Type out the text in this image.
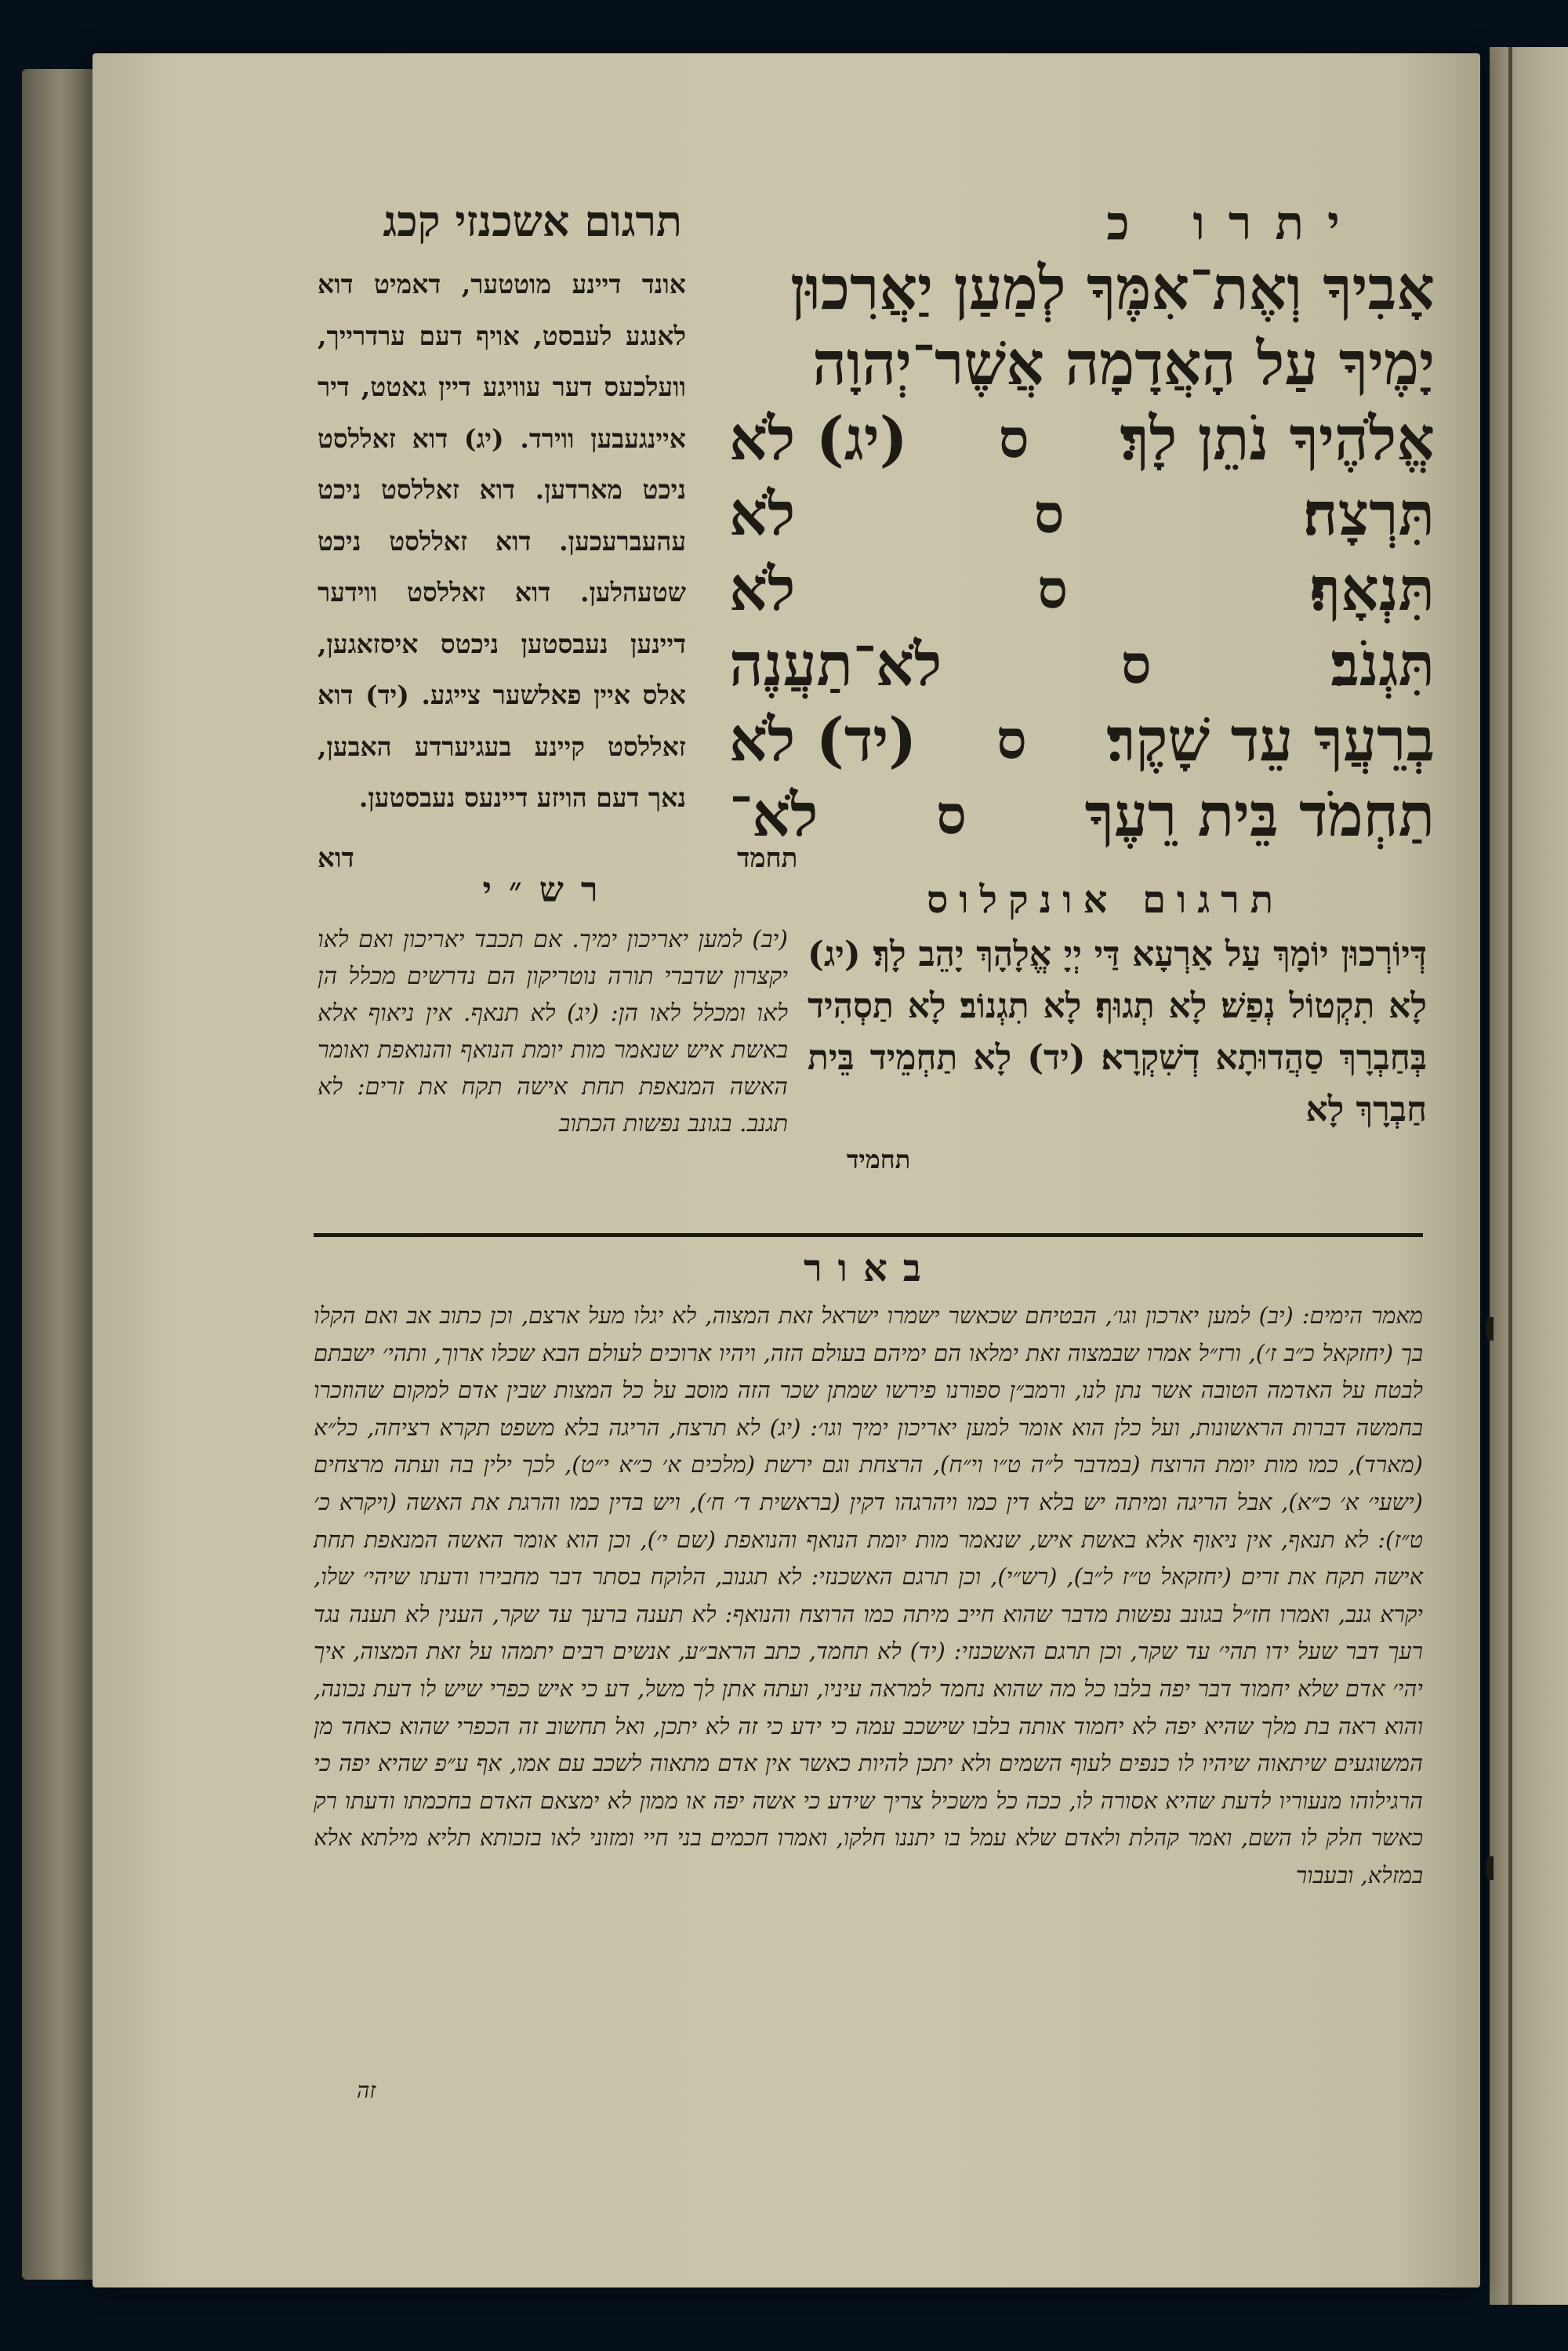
יתרו כ
תרגום אשכנזי קכג
אָבִיךָ וְאֶת־אִמֶּךָ לְמַעַן יַאֲרִכוּן
יָמֶיךָ עַל הָאֲדָמָה אֲשֶׁר־יְהוָה
אֱלֹהֶיךָ נֹתֵן לָךְ׃
ס
(יג) לֹא
תִּרְצָח׃
ס
לֹא
תִּנְאָף׃
ס
לֹא
תִּגְנֹב׃
ס
לֹא־תַעֲנֶה
בְרֵעֲךָ עֵד שָׁקֶר׃
ס
(יד) לֹא
תַחְמֹד בֵּית רֵעֶךָ
ס
לֹא־
תחמד
אונד דיינע מוטטער, דאמיט דוא לאנגע לעבסט, אויף דעם ערדרייך, וועלכעס דער עוויגע דיין גאטט, דיר איינגעבען ווירד. (יג) דוא זאללסט ניכט מארדען. דוא זאללסט ניכט עהעברעכען. דוא זאללסט ניכט שטעהלען. דוא זאללסט ווידער דיינען נעבסטען ניכטס איסזאגען, אלס איין פאלשער צייגע. (יד) דוא זאללסט קיינע בעגיערדע האבען, נאך דעם הויזע דיינעס נעבסטען.
דוא
תרגום אונקלוס
דְּיוֹרְכוּן יוֹמָךְ עַל אַרְעָא דַּי יְיָ אֱלָהָךְ יָהֵב לָךְ׃ (יג) לָא תִקְטוֹל נְפַשׁ׃ לָא תְגוּף׃ לָא תִגְנוֹב׃ לָא תַסְהִיד בְּחַבְרָךְ סַהֲדוּתָא דְשִׁקְרָא׃ (יד) לָא תַחְמֵיד בֵּית חַבְרָךְ לָא
תחמיד
רש״י
(יב) למען יאריכון ימיך. אם תכבד יאריכון ואם לאו יקצרון שדברי תורה נוטריקון הם נדרשים מכלל הן לאו ומכלל לאו הן: (יג) לא תנאף. אין ניאוף אלא באשת איש שנאמר מות יומת הנואף והנואפת ואומר האשה המנאפת תחת אישה תקח את זרים: לא תגנב. בגונב נפשות הכתוב
באור
מאמר הימים: (יב) למען יארכון וגו׳, הבטיחם שכאשר ישמרו ישראל זאת המצוה, לא יגלו מעל ארצם, וכן כתוב אב ואם הקלו בך (יחזקאל כ״ב ז׳), ורז״ל אמרו שבמצוה זאת ימלאו הם ימיהם בעולם הזה, ויהיו ארוכים לעולם הבא שכלו ארוך, ותהי׳ ישבתם לבטח על האדמה הטובה אשר נתן לנו, ורמב״ן ספורנו פירשו שמתן שכר הזה מוסב על כל המצות שבין אדם למקום שהוזכרו בחמשה דברות הראשונות, ועל כלן הוא אומר למען יאריכון ימיך וגו׳: (יג) לא תרצח, הריגה בלא משפט תקרא רציחה, כל״א (מארד), כמו מות יומת הרוצח (במדבר ל״ה ט״ו וי״ח), הרצחת וגם ירשת (מלכים א׳ כ״א י״ט), לכך ילין בה ועתה מרצחים (ישעי׳ א׳ כ״א), אבל הריגה ומיתה יש בלא דין כמו ויהרגהו דקין (בראשית ד׳ ח׳), ויש בדין כמו והרגת את האשה (ויקרא כ׳ ט״ז): לא תנאף, אין ניאוף אלא באשת איש, שנאמר מות יומת הנואף והנואפת (שם י׳), וכן הוא אומר האשה המנאפת תחת אישה תקח את זרים (יחזקאל ט״ז ל״ב), (רש״י), וכן תרגם האשכנזי: לא תגנוב, הלוקח בסתר דבר מחבירו ודעתו שיהי׳ שלו, יקרא גנב, ואמרו חז״ל בגונב נפשות מדבר שהוא חייב מיתה כמו הרוצח והנואף: לא תענה ברעך עד שקר, הענין לא תענה נגד רעך דבר שעל ידו תהי׳ עד שקר, וכן תרגם האשכנזי: (יד) לא תחמד, כתב הראב״ע, אנשים רבים יתמהו על זאת המצוה, איך יהי׳ אדם שלא יחמוד דבר יפה בלבו כל מה שהוא נחמד למראה עיניו, ועתה אתן לך משל, דע כי איש כפרי שיש לו דעת נכונה, והוא ראה בת מלך שהיא יפה לא יחמוד אותה בלבו שישכב עמה כי ידע כי זה לא יתכן, ואל תחשוב זה הכפרי שהוא כאחד מן המשוגעים שיתאוה שיהיו לו כנפים לעוף השמים ולא יתכן להיות כאשר אין אדם מתאוה לשכב עם אמו, אף ע״פ שהיא יפה כי הרגילוהו מנעוריו לדעת שהיא אסורה לו, ככה כל משכיל צריך שידע כי אשה יפה או ממון לא ימצאם האדם בחכמתו ודעתו רק כאשר חלק לו השם, ואמר קהלת ולאדם שלא עמל בו יתננו חלקו, ואמרו חכמים בני חיי ומזוני לאו בזכותא תליא מילתא אלא במזלא, ובעבור
זה
